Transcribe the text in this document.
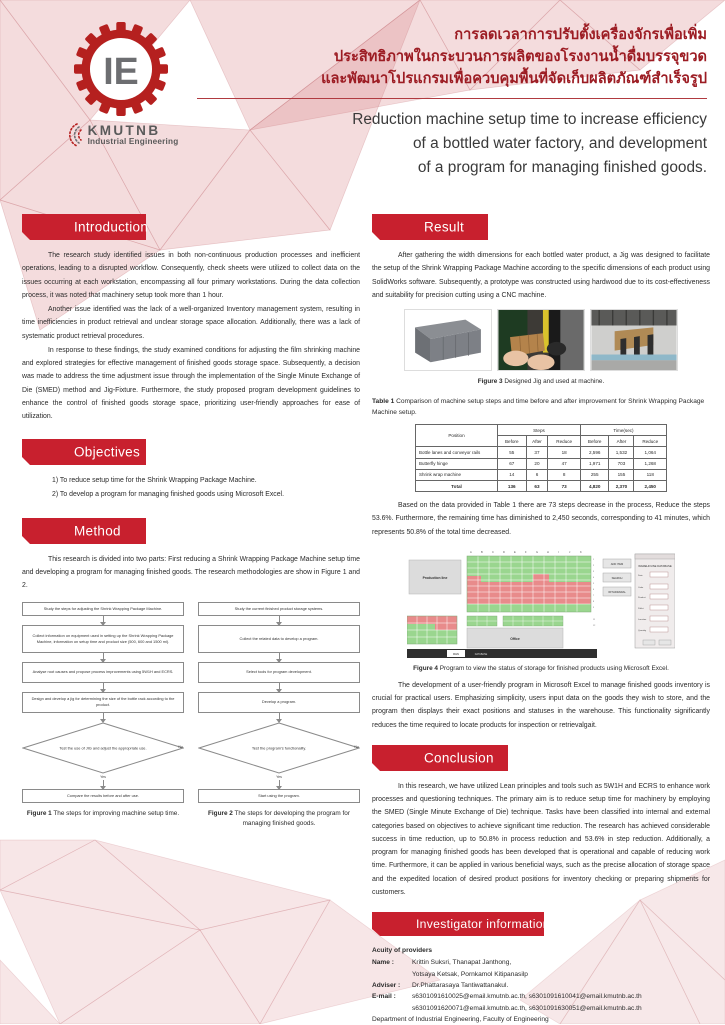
IE
KMUTNB
Industrial Engineering
การลดเวลาการปรับตั้งเครื่องจักรเพื่อเพิ่ม
ประสิทธิภาพในกระบวนการผลิตของโรงงานน้ำดื่มบรรจุขวด
และพัฒนาโปรแกรมเพื่อควบคุมพื้นที่จัดเก็บผลิตภัณฑ์สำเร็จรูป
Reduction machine setup time to increase efficiency
of a bottled water factory, and development
of a program for managing finished goods.
Introduction

The research study identified issues in both non-continuous production processes and inefficient operations, leading to a disrupted workflow. Consequently, check sheets were utilized to collect data on the issues occurring at each workstation, encompassing all four primary workstations. During the data collection process, it was noted that machinery setup took more than 1 hour.

Another issue identified was the lack of a well-organized Inventory management system, resulting in time inefficiencies in product retrieval and unclear storage space allocation. Additionally, there was a lack of systematic product retrieval procedures.

In response to these findings, the study examined conditions for adjusting the film shrinking machine and explored strategies for effective management of finished goods storage space. Subsequently, a decision was made to address the time adjustment issue through the implementation of the Single Minute Exchange of Die (SMED) method and Jig-Fixture. Furthermore, the study proposed program development guidelines to enhance the control of finished goods storage space, prioritizing user-friendly approaches for ease of utilization.

Objectives
1) To reduce setup time for the Shrink Wrapping Package Machine.
2) To develop a program for managing finished goods using Microsoft Excel.
Method

This research is divided into two parts: First reducing a Shrink Wrapping Package Machine setup time and developing a program for managing finished goods. The research methodologies are show in Figure 1 and 2.

Study the steps for adjusting the Shrink Wrapping Package Machine.
Collect information on equipment used in setting up the Shrink Wrapping Package Machine, information on setup time and product size (500, 600 and 1500 ml).
Analyse root causes and propose process improvements using 5W1H and ECRS.
Design and develop a jig for determining the size of the bottle rack according to the product.
Test the use of JIG and adjust the appropriate use.	No
Yes
Compare the results before and after use.
Figure 1 The steps for improving machine setup time.
Study the current finished product storage systems.
Collect the related data to develop a program.
Select tools for program development.
Develop a program.
Test the program's functionality.	No
Yes
Start using the program.
Figure 2 The steps for developing the program for managing finished goods.
Result

After gathering the width dimensions for each bottled water product, a Jig was designed to facilitate the setup of the Shrink Wrapping Package Machine according to the specific dimensions of each product using SolidWorks software. Subsequently, a prototype was constructed using hardwood due to its cost-effectiveness and suitability for precision cutting using a CNC machine.

Figure 3 Designed Jig and used at machine.
Table 1 Comparison of machine setup steps and time before and after improvement for Shrink Wrapping Package Machine setup.
Position	Steps			Time(sec)		
	Before	After	Reduce	Before	After	Reduce
Bottle lanes and conveyor rails	55	37	18	2,596	1,532	1,064
Butterfly hinge	67	20	47	1,971	703	1,268
Shrink wrap machine	14	6	8	255	155	118
Total	136	63	73	4,820	2,370	2,450

Based on the data provided in Table 1 there are 73 steps decrease in the process, Reduce the steps 53.6%. Furthermore, the remaining time has diminished to 2,450 seconds, corresponding to 41 minutes, which represents 50.8% of the total time decreased.

A	B	C	D	E	F	G	H	I	J	K
Production line
Office
1
2
3
4
5
6
7
8
9
11
12
ADD ITEM
SEARCH
WITHDRAWAL
WAREHOUSE DATABASE
Date
Code
Product
Pallet
Location
Quantity
MAIN	DATABASE
Figure 4 Program to view the status of storage for finished products using Microsoft Excel.

The development of a user-friendly program in Microsoft Excel to manage finished goods inventory is crucial for practical users. Emphasizing simplicity, users input data on the goods they wish to store, and the program then displays their exact positions and statuses in the warehouse. This functionality significantly reduces the time required to locate products for inspection or retrievalgait.

Conclusion

In this research, we have utilized Lean principles and tools such as 5W1H and ECRS to enhance work processes and questioning techniques. The primary aim is to reduce setup time for machinery by employing the SMED (Single Minute Exchange of Die) technique. Tasks have been classified into internal and external categories based on objectives to achieve significant time reduction. The research has achieved considerable success in time reduction, up to 50.8% in process reduction and 53.6% in step reduction. Additionally, a program for managing finished goods has been developed that is operational and capable of reducing work time. Furthermore, it can be applied in various beneficial ways, such as the precise allocation of storage space and the expedited location of desired product positions for inventory checking or preparing shipments for customers.

Investigator information
Acuity of providers
Name :	Krittin Suksri, Thanapat Janthong,
Yotsaya Ketsak, Pornkamol Kitipanasilp
Adviser :	Dr.Phattarasaya Tantiwattanakul.
E-mail :	s6301091610025@email.kmutnb.ac.th, s6301091610041@email.kmutnb.ac.th
s6301091620071@email.kmutnb.ac.th, s6301091630051@email.kmutnb.ac.th
Department of Industrial Engineering, Faculty of Engineering
